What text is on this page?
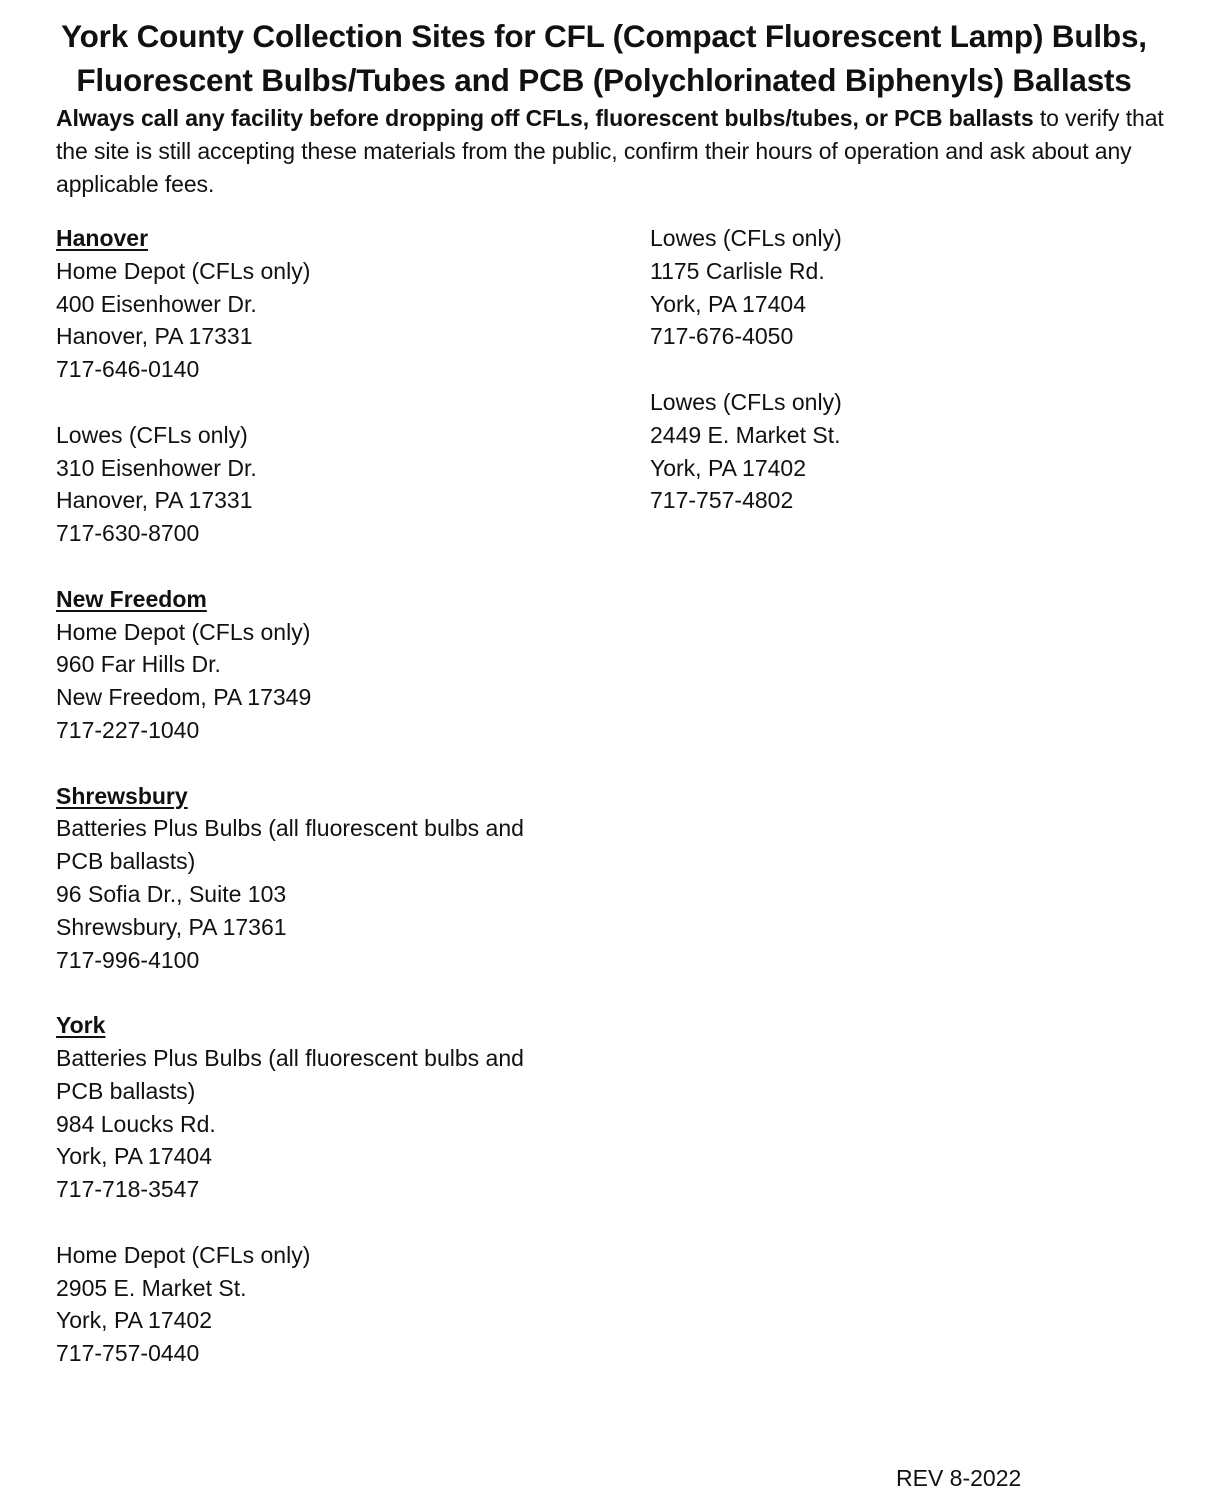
York County Collection Sites for CFL (Compact Fluorescent Lamp) Bulbs,
Fluorescent Bulbs/Tubes and PCB (Polychlorinated Biphenyls) Ballasts
Always call any facility before dropping off CFLs, fluorescent bulbs/tubes, or PCB ballasts to verify that the site is still accepting these materials from the public, confirm their hours of operation and ask about any applicable fees.
Hanover
Home Depot (CFLs only)
400 Eisenhower Dr.
Hanover, PA 17331
717-646-0140
Lowes (CFLs only)
310 Eisenhower Dr.
Hanover, PA 17331
717-630-8700
New Freedom
Home Depot (CFLs only)
960 Far Hills Dr.
New Freedom, PA 17349
717-227-1040
Shrewsbury
Batteries Plus Bulbs (all fluorescent bulbs and PCB ballasts)
96 Sofia Dr., Suite 103
Shrewsbury, PA 17361
717-996-4100
York
Batteries Plus Bulbs (all fluorescent bulbs and PCB ballasts)
984 Loucks Rd.
York, PA 17404
717-718-3547
Home Depot (CFLs only)
2905 E. Market St.
York, PA 17402
717-757-0440
Lowes (CFLs only)
1175 Carlisle Rd.
York, PA 17404
717-676-4050
Lowes (CFLs only)
2449 E. Market St.
York, PA 17402
717-757-4802
REV 8-2022
